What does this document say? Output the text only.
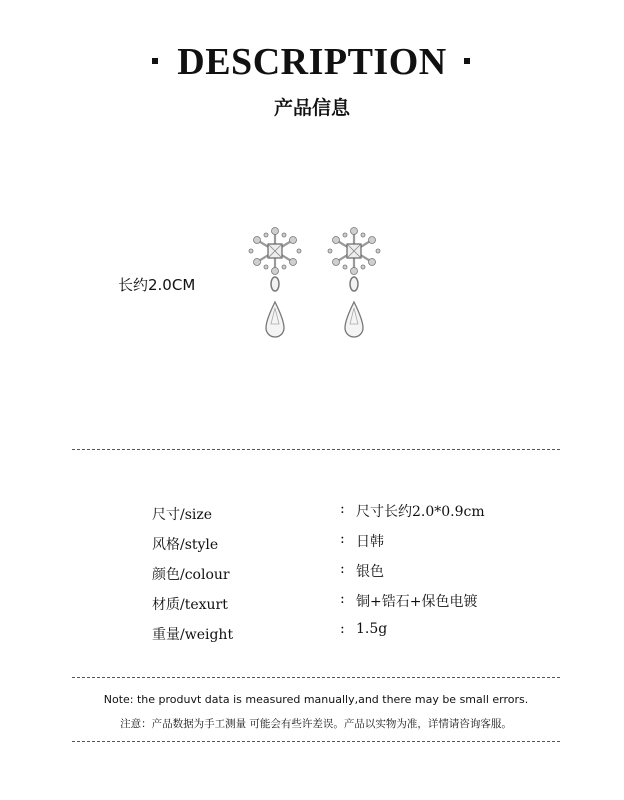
DESCRIPTION
产品信息
长约2.0CM
尺寸/size	: 尺寸长约2.0*0.9cm
风格/style	: 日韩
颜色/colour	: 银色
材质/texurt	: 铜+锆石+保色电镀
重量/weight	: 1.5g
Note: the produvt data is measured manually,and there may be small errors.
注意：产品数据为手工测量 可能会有些许差误。产品以实物为准，详情请咨询客服。
